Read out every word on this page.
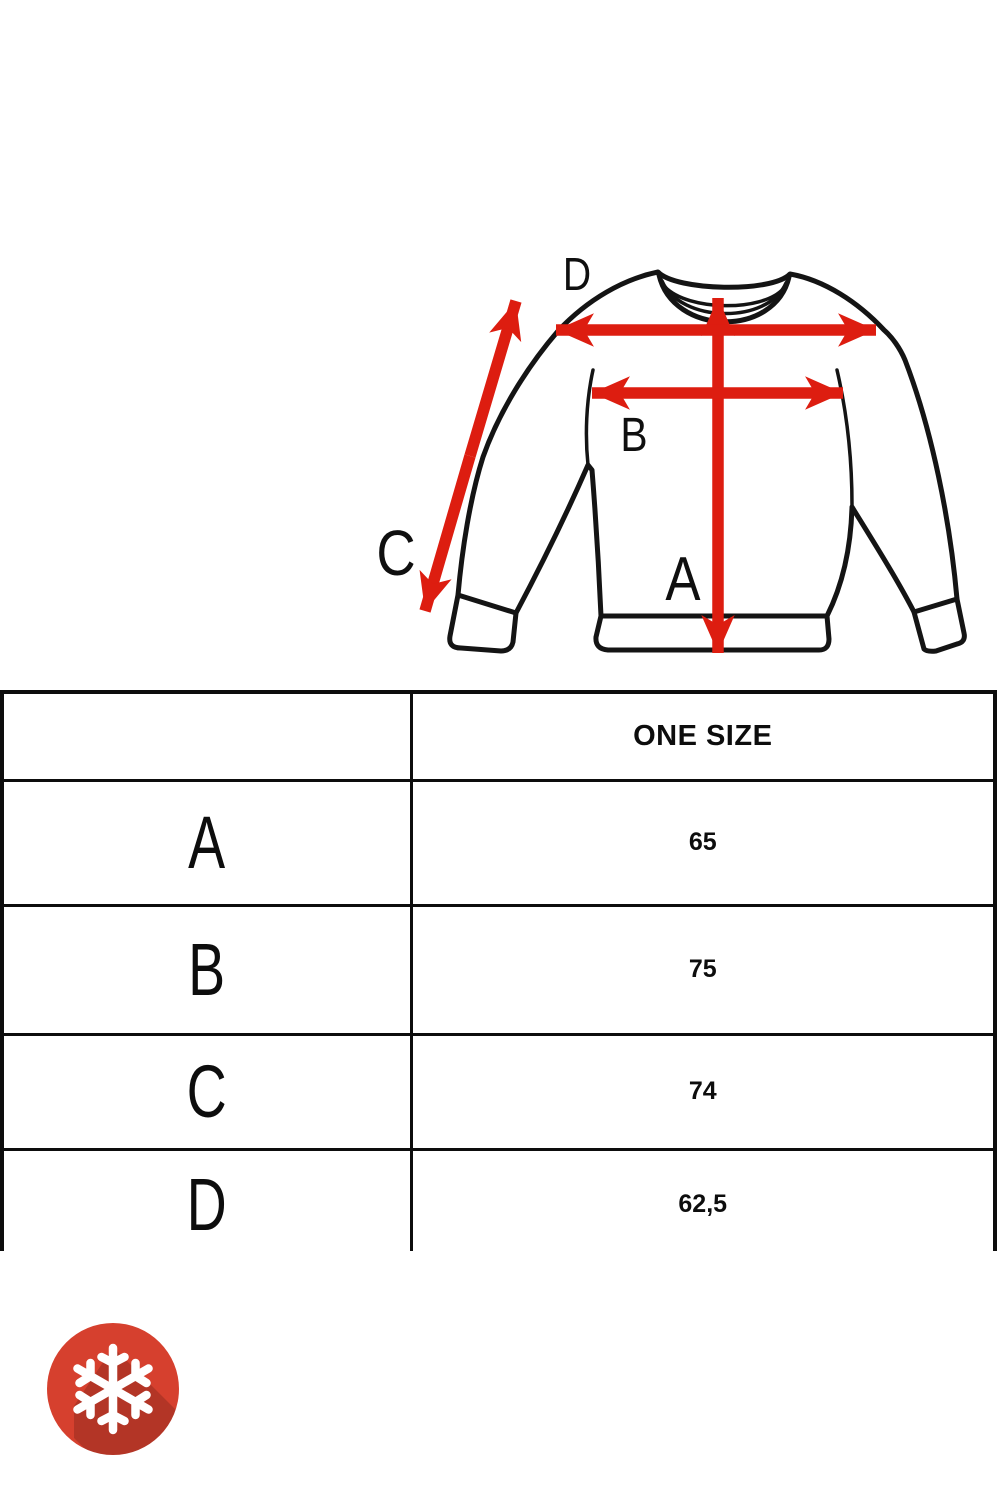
D
B
C	A
	ONE SIZE
A	65
B	75
C	74
D	62,5
